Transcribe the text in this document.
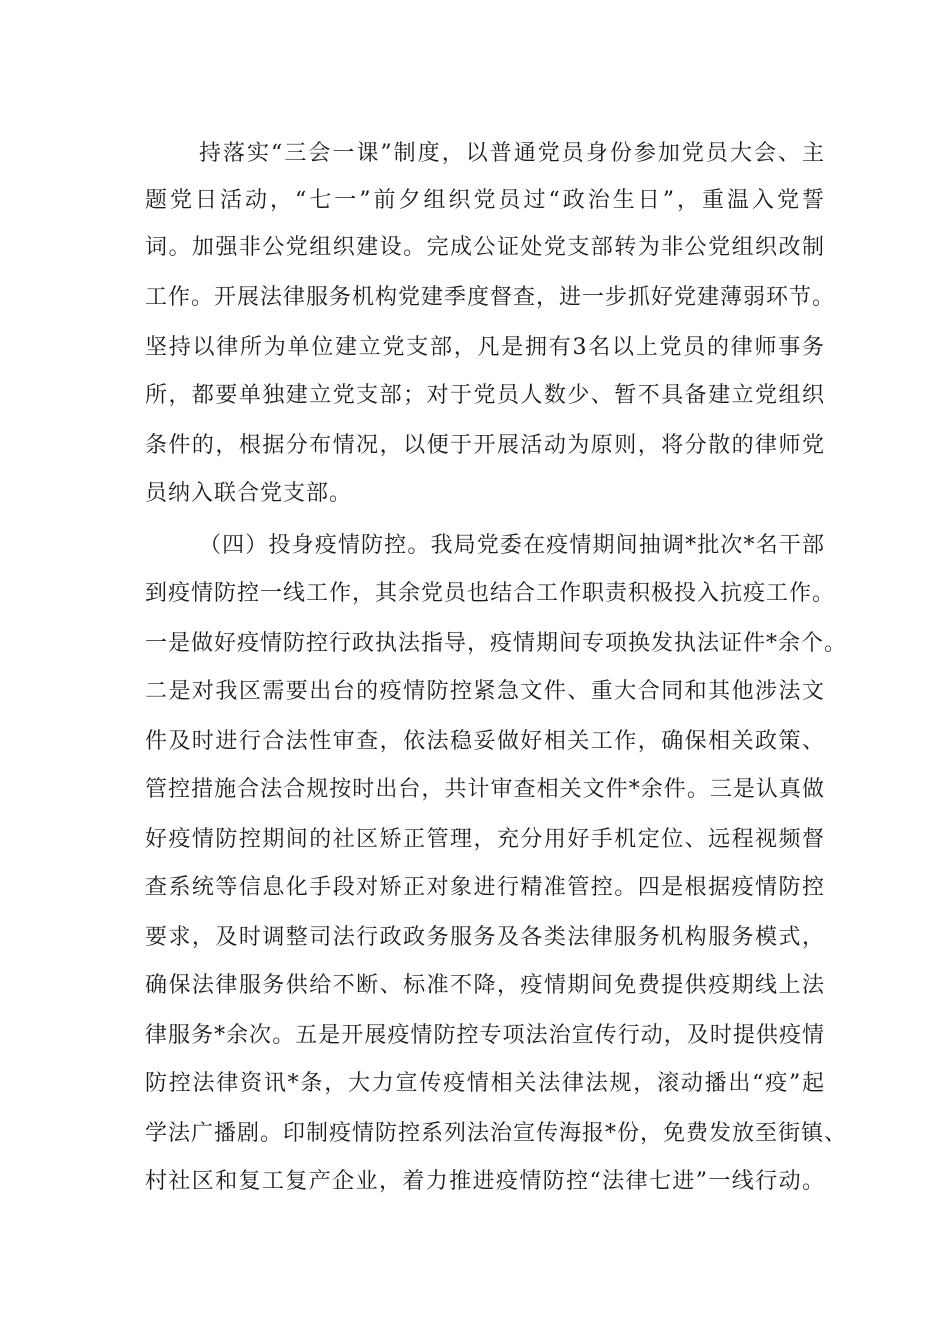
持落实“三会一课”制度，以普通党员身份参加党员大会、主
题党日活动，“七一”前夕组织党员过“政治生日”，重温入党誓
词。加强非公党组织建设。完成公证处党支部转为非公党组织改制
工作。开展法律服务机构党建季度督查，进一步抓好党建薄弱环节。
坚持以律所为单位建立党支部，凡是拥有3名以上党员的律师事务
所，都要单独建立党支部；对于党员人数少、暂不具备建立党组织
条件的，根据分布情况，以便于开展活动为原则，将分散的律师党
员纳入联合党支部。
（四）投身疫情防控。我局党委在疫情期间抽调*批次*名干部
到疫情防控一线工作，其余党员也结合工作职责积极投入抗疫工作。
一是做好疫情防控行政执法指导，疫情期间专项换发执法证件*余个。
二是对我区需要出台的疫情防控紧急文件、重大合同和其他涉法文
件及时进行合法性审查，依法稳妥做好相关工作，确保相关政策、
管控措施合法合规按时出台，共计审查相关文件*余件。三是认真做
好疫情防控期间的社区矫正管理，充分用好手机定位、远程视频督
查系统等信息化手段对矫正对象进行精准管控。四是根据疫情防控
要求，及时调整司法行政政务服务及各类法律服务机构服务模式，
确保法律服务供给不断、标准不降，疫情期间免费提供疫期线上法
律服务*余次。五是开展疫情防控专项法治宣传行动，及时提供疫情
防控法律资讯*条，大力宣传疫情相关法律法规，滚动播出“疫”起
学法广播剧。印制疫情防控系列法治宣传海报*份，免费发放至街镇、
村社区和复工复产企业，着力推进疫情防控“法律七进”一线行动。
